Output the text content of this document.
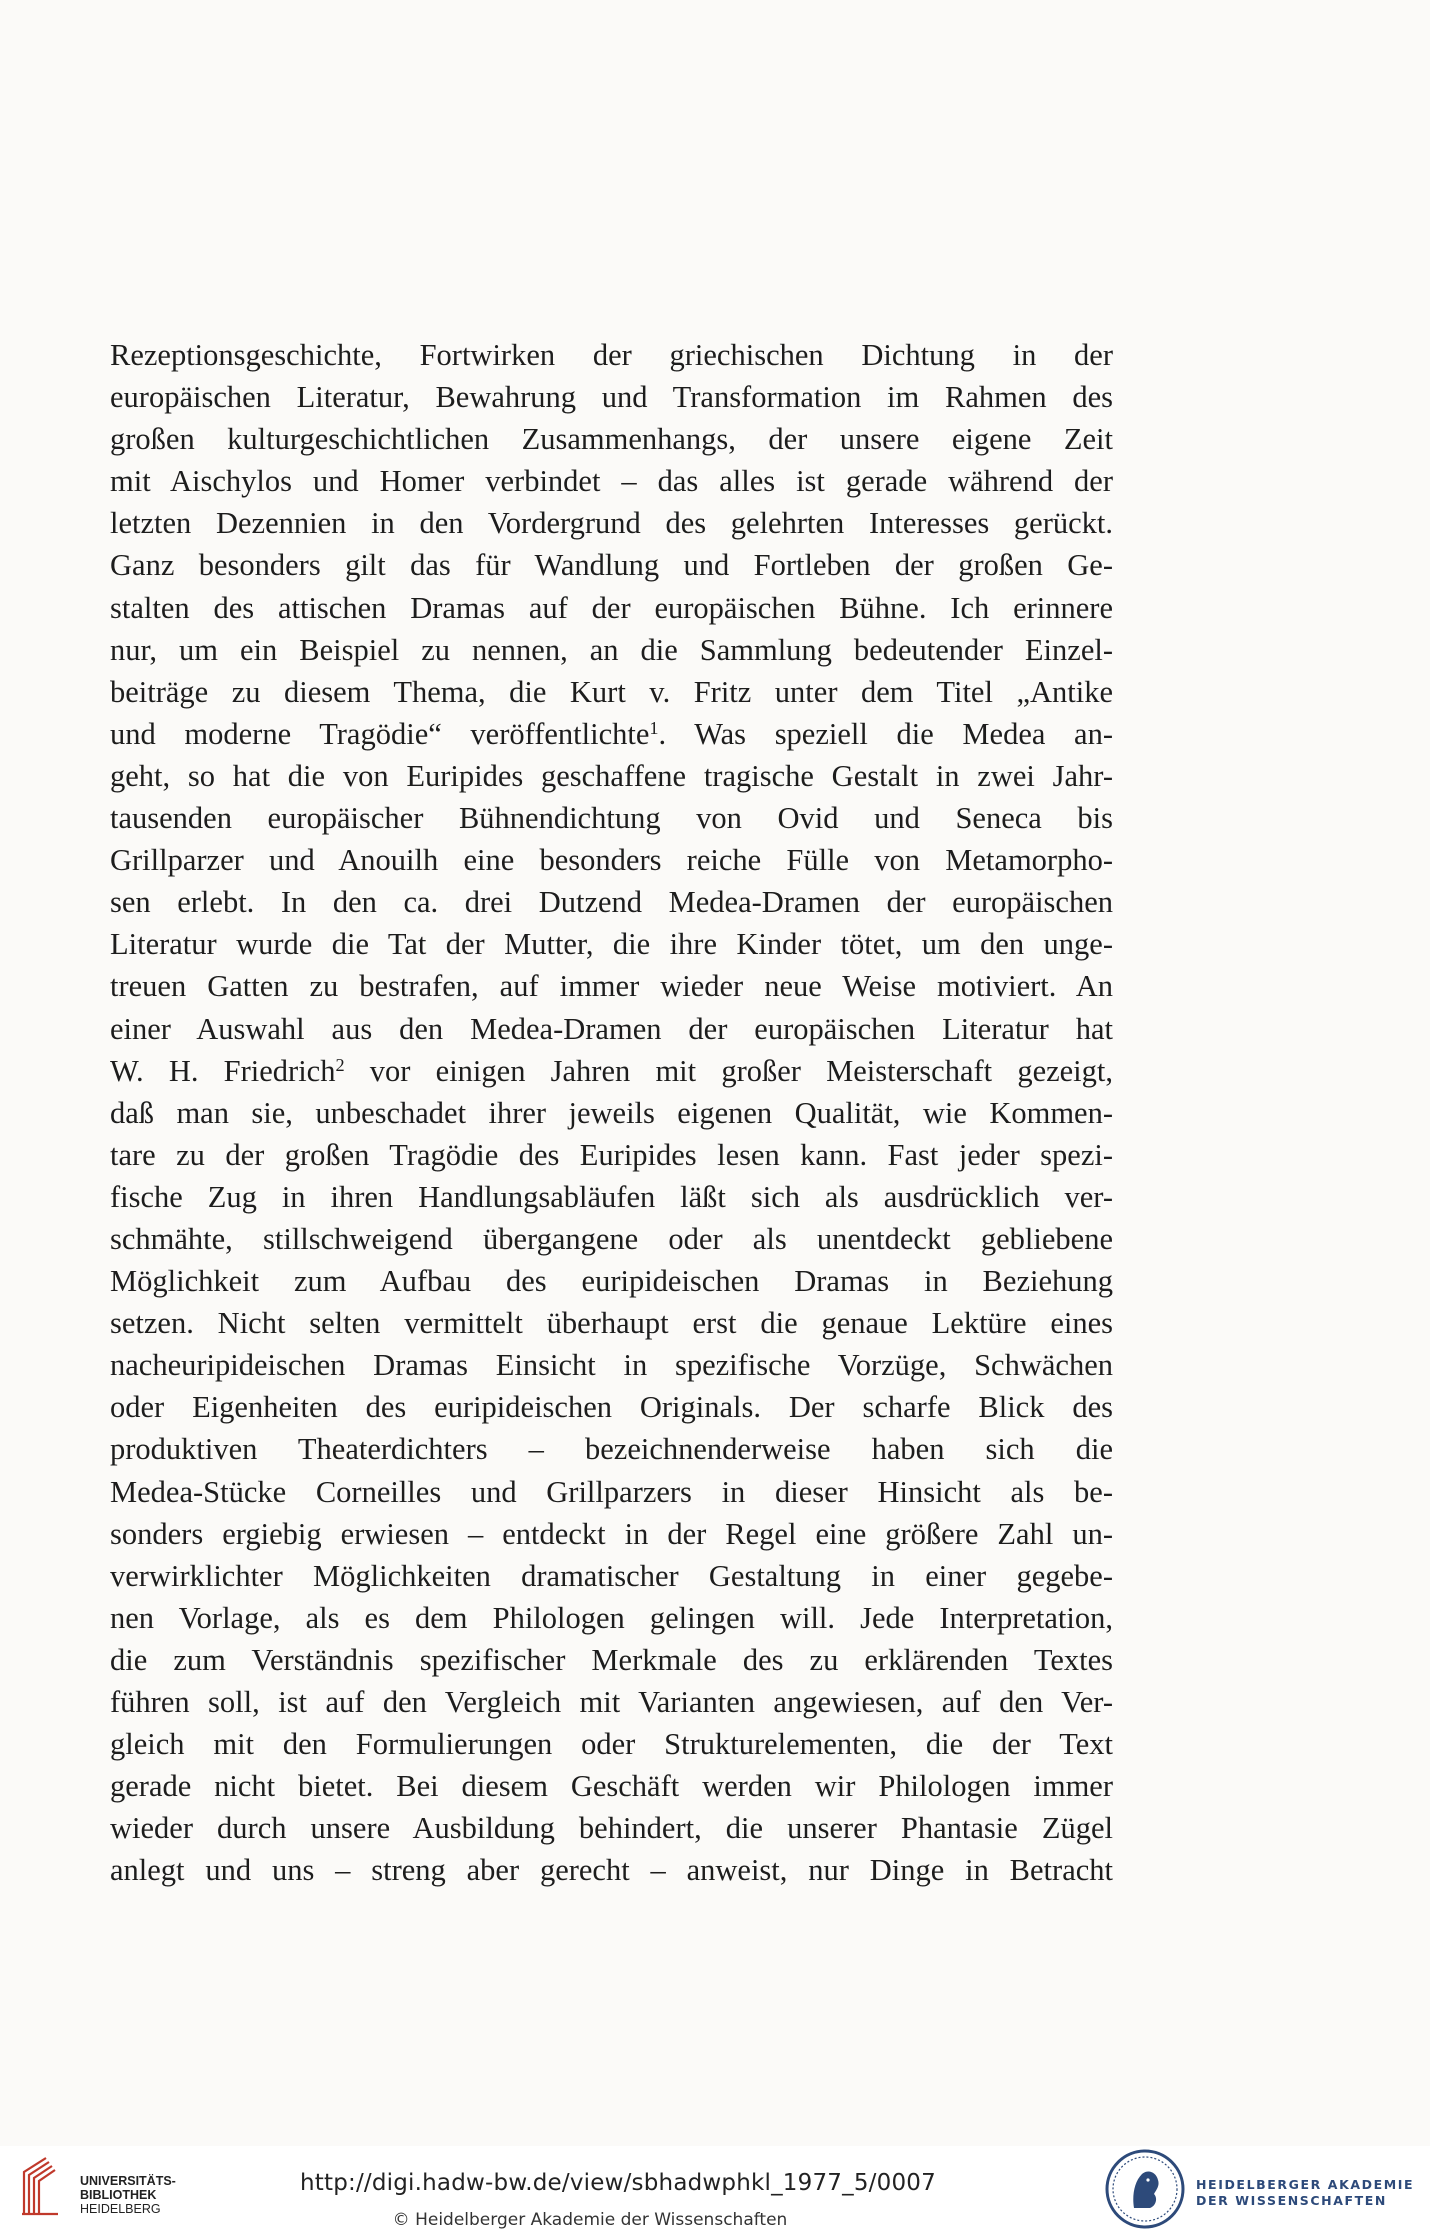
Rezeptionsgeschichte, Fortwirken der griechischen Dichtung in der
europäischen Literatur, Bewahrung und Transformation im Rahmen des
großen kulturgeschichtlichen Zusammenhangs, der unsere eigene Zeit
mit Aischylos und Homer verbindet – das alles ist gerade während der
letzten Dezennien in den Vordergrund des gelehrten Interesses gerückt.
Ganz besonders gilt das für Wandlung und Fortleben der großen Ge-
stalten des attischen Dramas auf der europäischen Bühne. Ich erinnere
nur, um ein Beispiel zu nennen, an die Sammlung bedeutender Einzel-
beiträge zu diesem Thema, die Kurt v. Fritz unter dem Titel „Antike
und moderne Tragödie“ veröffentlichte$^1$. Was speziell die Medea an-
geht, so hat die von Euripides geschaffene tragische Gestalt in zwei Jahr-
tausenden europäischer Bühnendichtung von Ovid und Seneca bis
Grillparzer und Anouilh eine besonders reiche Fülle von Metamorpho-
sen erlebt. In den ca. drei Dutzend Medea-Dramen der europäischen
Literatur wurde die Tat der Mutter, die ihre Kinder tötet, um den unge-
treuen Gatten zu bestrafen, auf immer wieder neue Weise motiviert. An
einer Auswahl aus den Medea-Dramen der europäischen Literatur hat
W. H. Friedrich$^2$ vor einigen Jahren mit großer Meisterschaft gezeigt,
daß man sie, unbeschadet ihrer jeweils eigenen Qualität, wie Kommen-
tare zu der großen Tragödie des Euripides lesen kann. Fast jeder spezi-
fische Zug in ihren Handlungsabläufen läßt sich als ausdrücklich ver-
schmähte, stillschweigend übergangene oder als unentdeckt gebliebene
Möglichkeit zum Aufbau des euripideischen Dramas in Beziehung
setzen. Nicht selten vermittelt überhaupt erst die genaue Lektüre eines
nacheuripideischen Dramas Einsicht in spezifische Vorzüge, Schwächen
oder Eigenheiten des euripideischen Originals. Der scharfe Blick des
produktiven Theaterdichters – bezeichnenderweise haben sich die
Medea-Stücke Corneilles und Grillparzers in dieser Hinsicht als be-
sonders ergiebig erwiesen – entdeckt in der Regel eine größere Zahl un-
verwirklichter Möglichkeiten dramatischer Gestaltung in einer gegebe-
nen Vorlage, als es dem Philologen gelingen will. Jede Interpretation,
die zum Verständnis spezifischer Merkmale des zu erklärenden Textes
führen soll, ist auf den Vergleich mit Varianten angewiesen, auf den Ver-
gleich mit den Formulierungen oder Strukturelementen, die der Text
gerade nicht bietet. Bei diesem Geschäft werden wir Philologen immer
wieder durch unsere Ausbildung behindert, die unserer Phantasie Zügel
anlegt und uns – streng aber gerecht – anweist, nur Dinge in Betracht
UNIVERSITÄTS-
BIBLIOTHEK
HEIDELBERG
http://digi.hadw-bw.de/view/sbhadwphkl_1977_5/0007
© Heidelberger Akademie der Wissenschaften
HEIDELBERGER AKADEMIE
DER WISSENSCHAFTEN
